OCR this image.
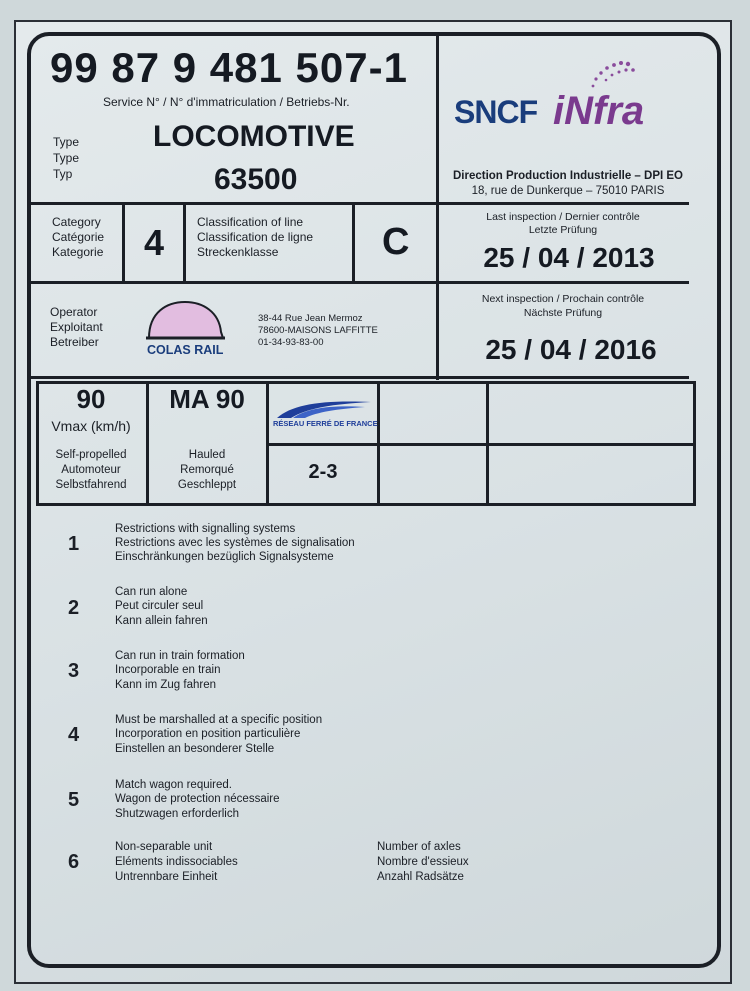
99 87 9 481 507-1
Service N° / N° d'immatriculation / Betriebs-Nr.
Type
Type
Typ
LOCOMOTIVE
63500
SNCF iNfra
Direction Production Industrielle – DPI EO
18, rue de Dunkerque – 75010 PARIS
Category
Catégorie
Kategorie 4	Classification of line
Classification de ligne
Streckenklasse	C
Last inspection / Dernier contrôle
Letzte Prüfung
25 / 04 / 2013
Next inspection / Prochain contrôle
Nächste Prüfung
25 / 04 / 2016
Operator
Exploitant
Betreiber
COLAS RAIL
38-44 Rue Jean Mermoz
78600-MAISONS LAFFITTE
01-34-93-83-00
90
Vmax (km/h)
Self-propelled
Automoteur
Selbstfahrend
MA 90
Hauled
Remorqué
Geschleppt
RÉSEAU FERRÉ DE FRANCE
2-3
1
Restrictions with signalling systems
Restrictions avec les systèmes de signalisation
Einschränkungen bezüglich Signalsysteme
2
Can run alone
Peut circuler seul
Kann allein fahren
3
Can run in train formation
Incorporable en train
Kann im Zug fahren
4
Must be marshalled at a specific position
Incorporation en position particulière
Einstellen an besonderer Stelle
5
Match wagon required.
Wagon de protection nécessaire
Shutzwagen erforderlich
6
Non-separable unit
Eléments indissociables
Untrennbare Einheit
Number of axles
Nombre d'essieux
Anzahl Radsätze
